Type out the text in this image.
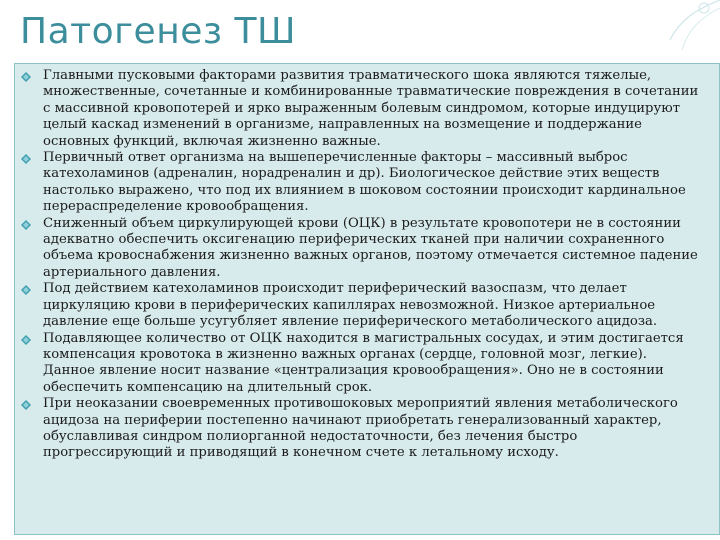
Патогенез ТШ
Главными пусковыми факторами развития травматического шока являются тяжелые, множественные, сочетанные и комбинированные травматические повреждения в сочетании с массивной кровопотерей и ярко выраженным болевым синдромом, которые индуцируют целый каскад изменений в организме, направленных на возмещение и поддержание основных функций, включая жизненно важные.
Первичный ответ организма на вышеперечисленные факторы – массивный выброс катехоламинов (адреналин, норадреналин и др). Биологическое действие этих веществ настолько выражено, что под их влиянием в шоковом состоянии происходит кардинальное перераспределение кровообращения.
Сниженный объем циркулирующей крови (ОЦК) в результате кровопотери не в состоянии адекватно обеспечить оксигенацию периферических тканей при наличии сохраненного объема кровоснабжения жизненно важных органов, поэтому отмечается системное падение артериального давления.
Под действием катехоламинов происходит периферический вазоспазм, что делает циркуляцию крови в периферических капиллярах невозможной. Низкое артериальное давление еще больше усугубляет явление периферического метаболического ацидоза.
Подавляющее количество от ОЦК находится в магистральных сосудах, и этим достигается компенсация кровотока в жизненно важных органах (сердце, головной мозг, легкие). Данное явление носит название «централизация кровообращения». Оно не в состоянии обеспечить компенсацию на длительный срок.
При неоказании своевременных противошоковых мероприятий явления метаболического ацидоза на периферии постепенно начинают приобретать генерализованный характер, обуславливая синдром полиорганной недостаточности, без лечения быстро прогрессирующий и приводящий в конечном счете к летальному исходу.
